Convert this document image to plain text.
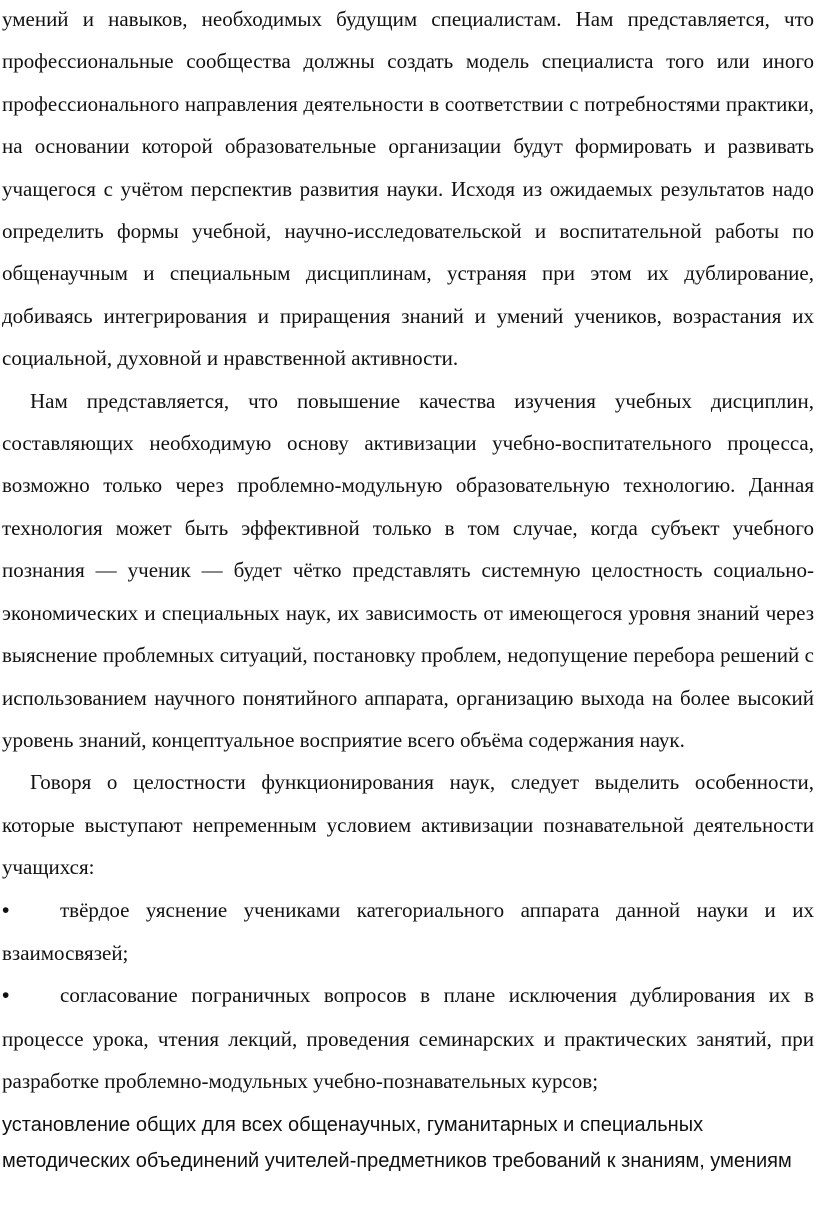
умений и навыков, необходимых будущим специалистам. Нам представляется, что профессиональные сообщества должны создать модель специалиста того или иного профессионального направления деятельности в соответствии с потребностями практики, на основании которой образовательные организации будут формировать и развивать учащегося с учётом перспектив развития науки. Исходя из ожидаемых результатов надо определить формы учебной, научно-исследовательской и воспитательной работы по общенаучным и специальным дисциплинам, устраняя при этом их дублирование, добиваясь интегрирования и приращения знаний и умений учеников, возрастания их социальной, духовной и нравственной активности.

Нам представляется, что повышение качества изучения учебных дисциплин, составляющих необходимую основу активизации учебно-воспитательного процесса, возможно только через проблемно-модульную образовательную технологию. Данная технология может быть эффективной только в том случае, когда субъект учебного познания — ученик — будет чётко представлять системную целостность социально-экономических и специальных наук, их зависимость от имеющегося уровня знаний через выяснение проблемных ситуаций, постановку проблем, недопущение перебора решений с использованием научного понятийного аппарата, организацию выхода на более высокий уровень знаний, концептуальное восприятие всего объёма содержания наук.

Говоря о целостности функционирования наук, следует выделить особенности, которые выступают непременным условием активизации познавательной деятельности учащихся:

• твёрдое уяснение учениками категориального аппарата данной науки и их взаимосвязей;

• согласование пограничных вопросов в плане исключения дублирования их в процессе урока, чтения лекций, проведения семинарских и практических занятий, при разработке проблемно-модульных учебно-познавательных курсов;

установление общих для всех общенаучных, гуманитарных и специальных

методических объединений учителей-предметников требований к знаниям, умениям
